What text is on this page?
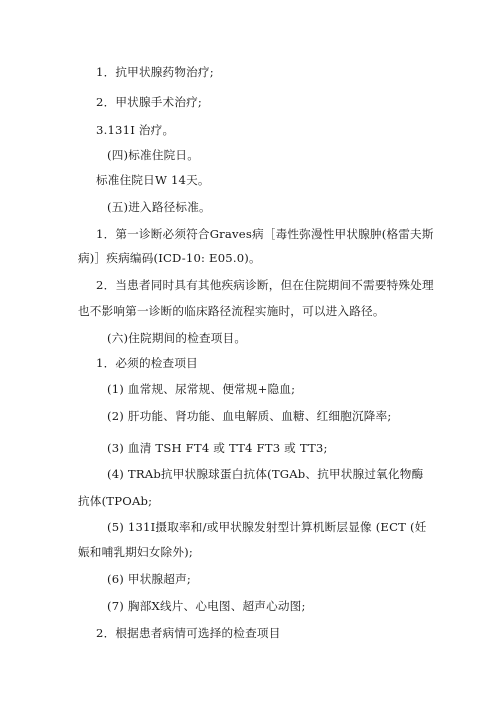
1．抗甲状腺药物治疗;
2．甲状腺手术治疗;
3.131I 治疗。
(四)标准住院日。
标准住院日W 14天。
(五)进入路径标准。
1．第一诊断必须符合Graves病［毒性弥漫性甲状腺肿(格雷夫斯
病)］疾病编码(ICD-10: E05.0)。
2．当患者同时具有其他疾病诊断，但在住院期间不需要特殊处理
也不影响第一诊断的临床路径流程实施时，可以进入路径。
(六)住院期间的检查项目。
1．必须的检查项目
(1) 血常规、尿常规、便常规+隐血;
(2) 肝功能、肾功能、血电解质、血糖、红细胞沉降率;
(3) 血清 TSH FT4 或 TT4 FT3 或 TT3;
(4) TRAb抗甲状腺球蛋白抗体(TGAb、抗甲状腺过氧化物酶
抗体(TPOAb;
(5) 131I摄取率和/或甲状腺发射型计算机断层显像 (ECT (妊
娠和哺乳期妇女除外);
(6) 甲状腺超声;
(7) 胸部X线片、心电图、超声心动图;
2．根据患者病情可选择的检查项目
